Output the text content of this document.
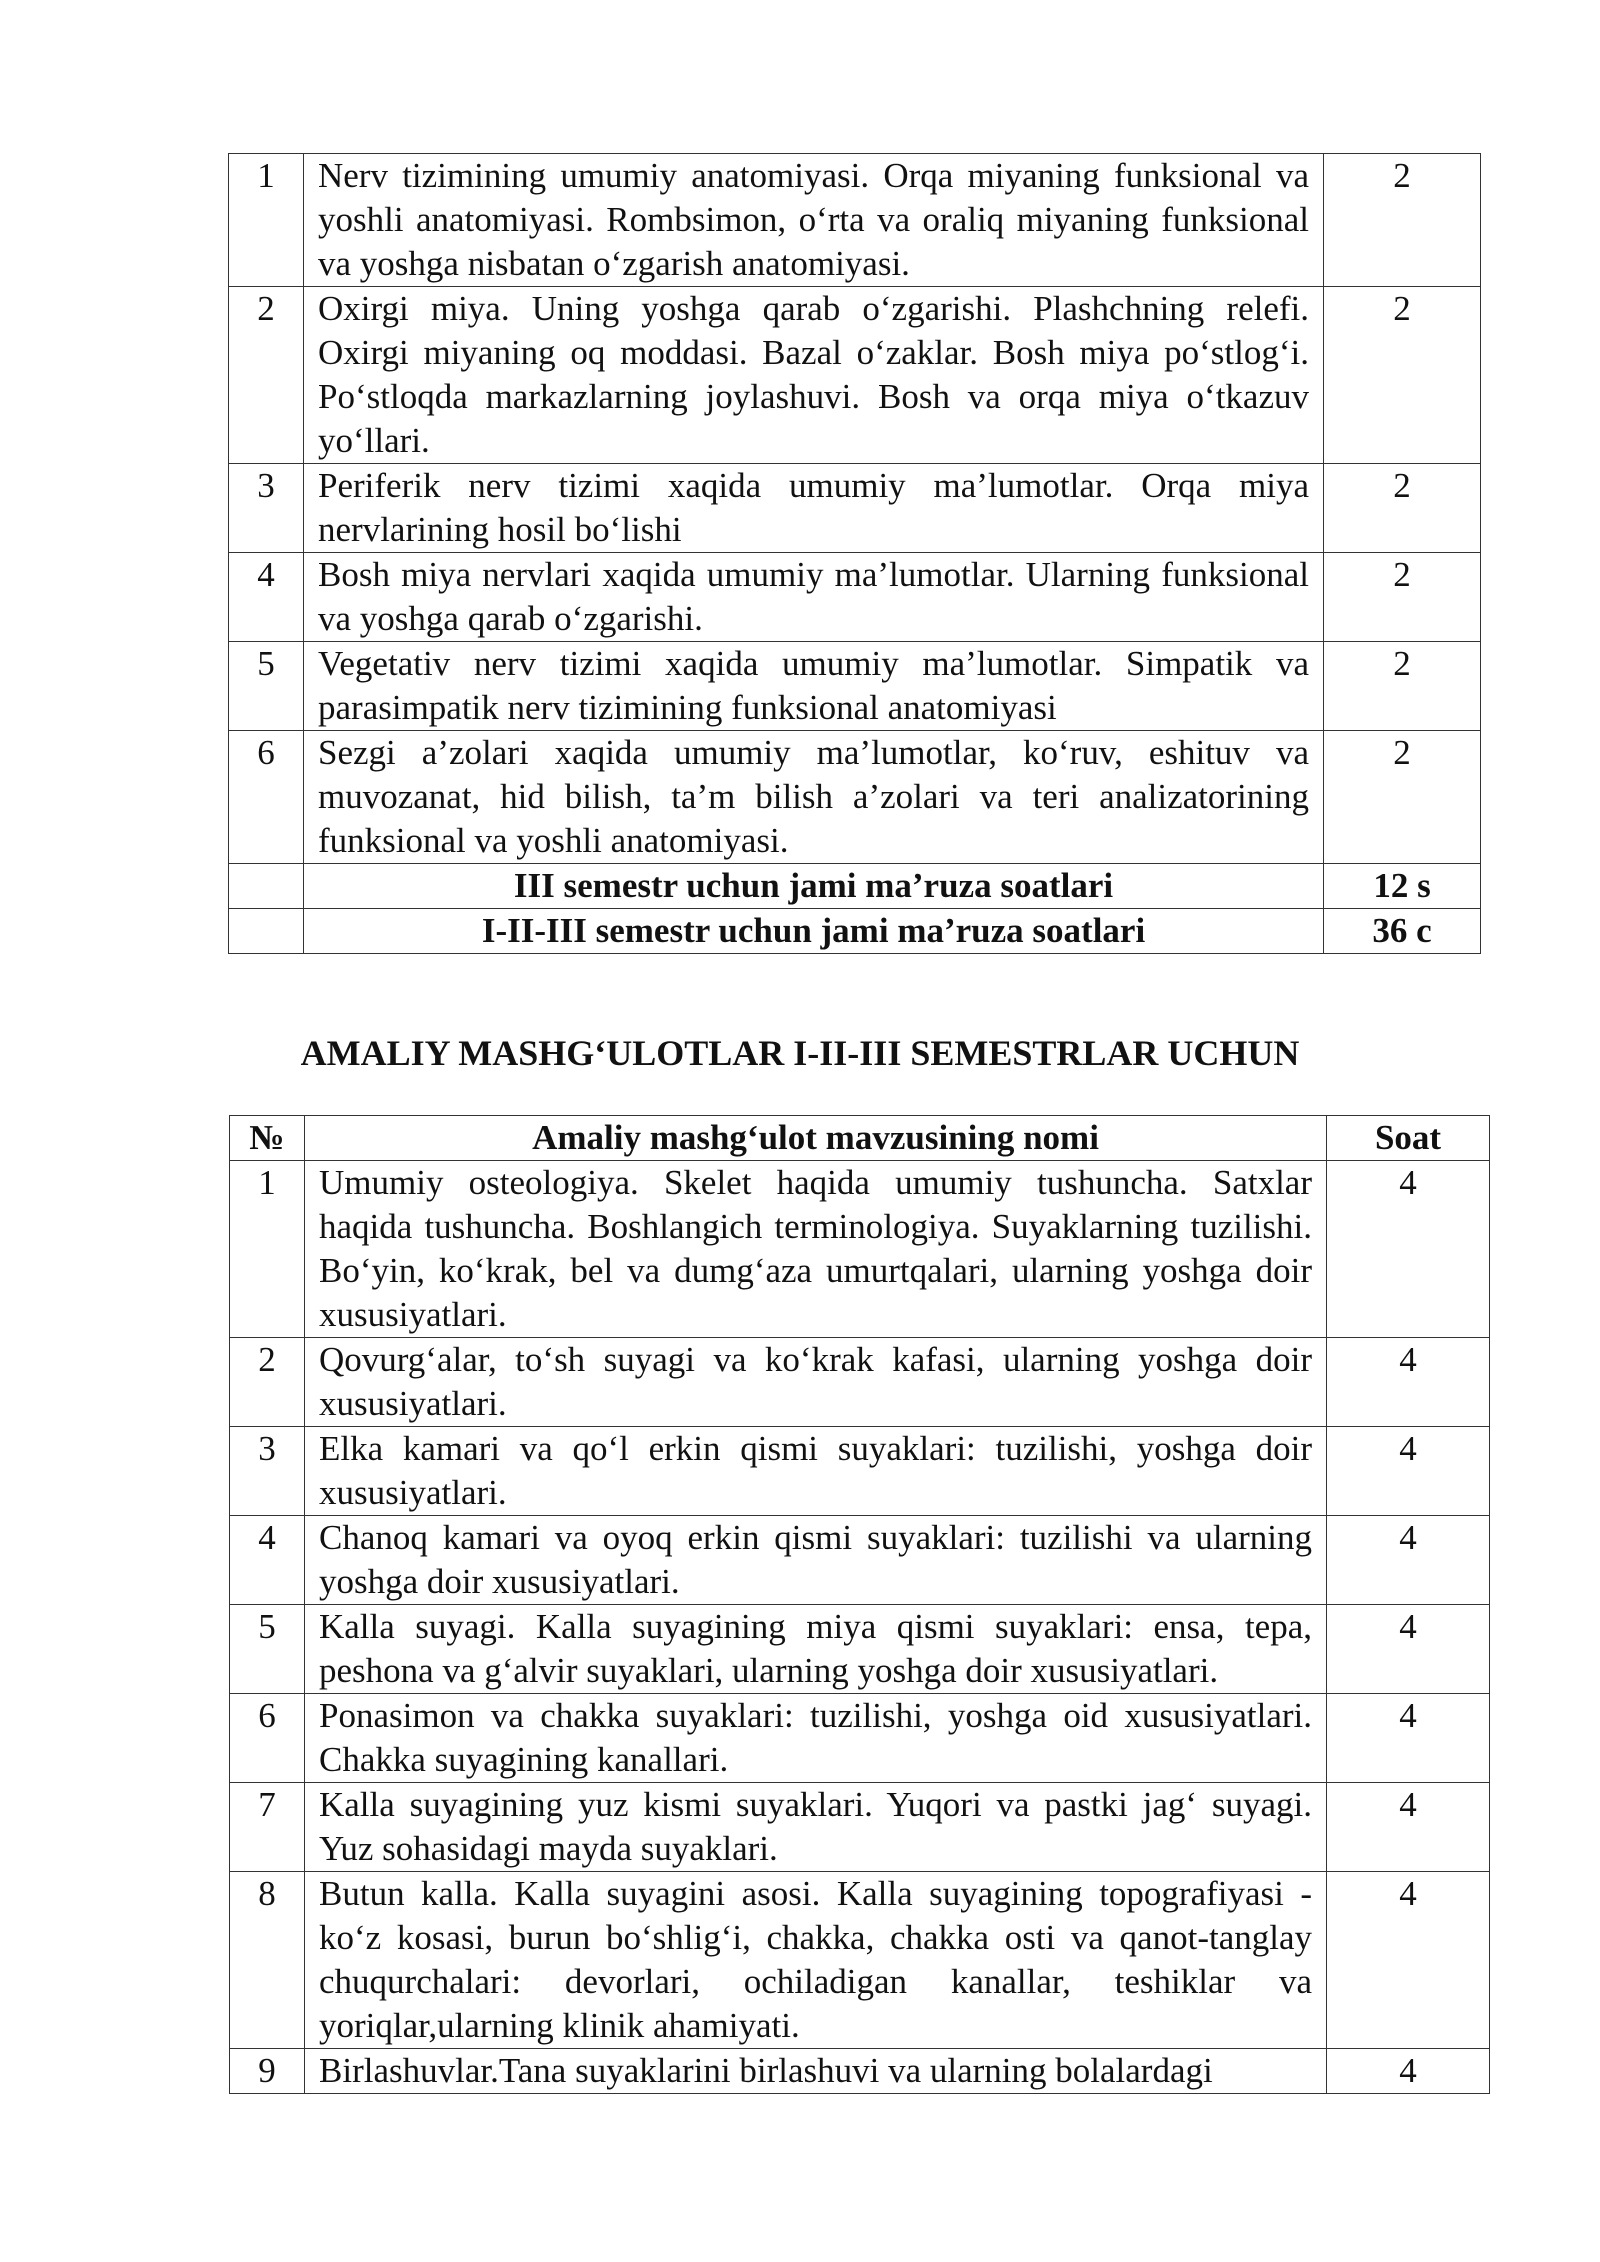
1	Nerv tizimining umumiy anatomiyasi. Orqa miyaning funksional va yoshli anatomiyasi. Rombsimon, o‘rta va oraliq miyaning funksional va yoshga nisbatan o‘zgarish anatomiyasi.	2
2	Oxirgi miya. Uning yoshga qarab o‘zgarishi. Plashchning relefi. Oxirgi miyaning oq moddasi. Bazal o‘zaklar. Bosh miya po‘stlog‘i. Po‘stloqda markazlarning joylashuvi. Bosh va orqa miya o‘tkazuv yo‘llari.	2
3	Periferik nerv tizimi xaqida umumiy ma’lumotlar. Orqa miya nervlarining hosil bo‘lishi	2
4	Bosh miya nervlari xaqida umumiy ma’lumotlar. Ularning funksional va yoshga qarab o‘zgarishi.	2
5	Vegetativ nerv tizimi xaqida umumiy ma’lumotlar. Simpatik va parasimpatik nerv tizimining funksional anatomiyasi	2
6	Sezgi a’zolari xaqida umumiy ma’lumotlar, ko‘ruv, eshituv va muvozanat, hid bilish, ta’m bilish a’zolari va teri analizatorining funksional va yoshli anatomiyasi.	2
	III semestr uchun jami ma’ruza soatlari	12 s
	I-II-III semestr uchun jami ma’ruza soatlari	36 c
AMALIY MASHG‘ULOTLAR I-II-III SEMESTRLAR UCHUN
№	Amaliy mashg‘ulot mavzusining nomi	Soat
1	Umumiy osteologiya. Skelet haqida umumiy tushuncha. Satxlar haqida tushuncha. Boshlangich terminologiya. Suyaklarning tuzilishi. Bo‘yin, ko‘krak, bel va dumg‘aza umurtqalari, ularning yoshga doir xususiyatlari.	4
2	Qovurg‘alar, to‘sh suyagi va ko‘krak kafasi, ularning yoshga doir xususiyatlari.	4
3	Elka kamari va qo‘l erkin qismi suyaklari: tuzilishi, yoshga doir xususiyatlari.	4
4	Chanoq kamari va oyoq erkin qismi suyaklari: tuzilishi va ularning yoshga doir xususiyatlari.	4
5	Kalla suyagi. Kalla suyagining miya qismi suyaklari: ensa, tepa, peshona va g‘alvir suyaklari, ularning yoshga doir xususiyatlari.	4
6	Ponasimon va chakka suyaklari: tuzilishi, yoshga oid xususiyatlari. Chakka suyagining kanallari.	4
7	Kalla suyagining yuz kismi suyaklari. Yuqori va pastki jag‘ suyagi. Yuz sohasidagi mayda suyaklari.	4
8	Butun kalla. Kalla suyagini asosi. Kalla suyagining topografiyasi - ko‘z kosasi, burun bo‘shlig‘i, chakka, chakka osti va qanot-tanglay chuqurchalari: devorlari, ochiladigan kanallar, teshiklar va yoriqlar,ularning klinik ahamiyati.	4
9	Birlashuvlar.Tana suyaklarini birlashuvi va ularning bolalardagi	4
